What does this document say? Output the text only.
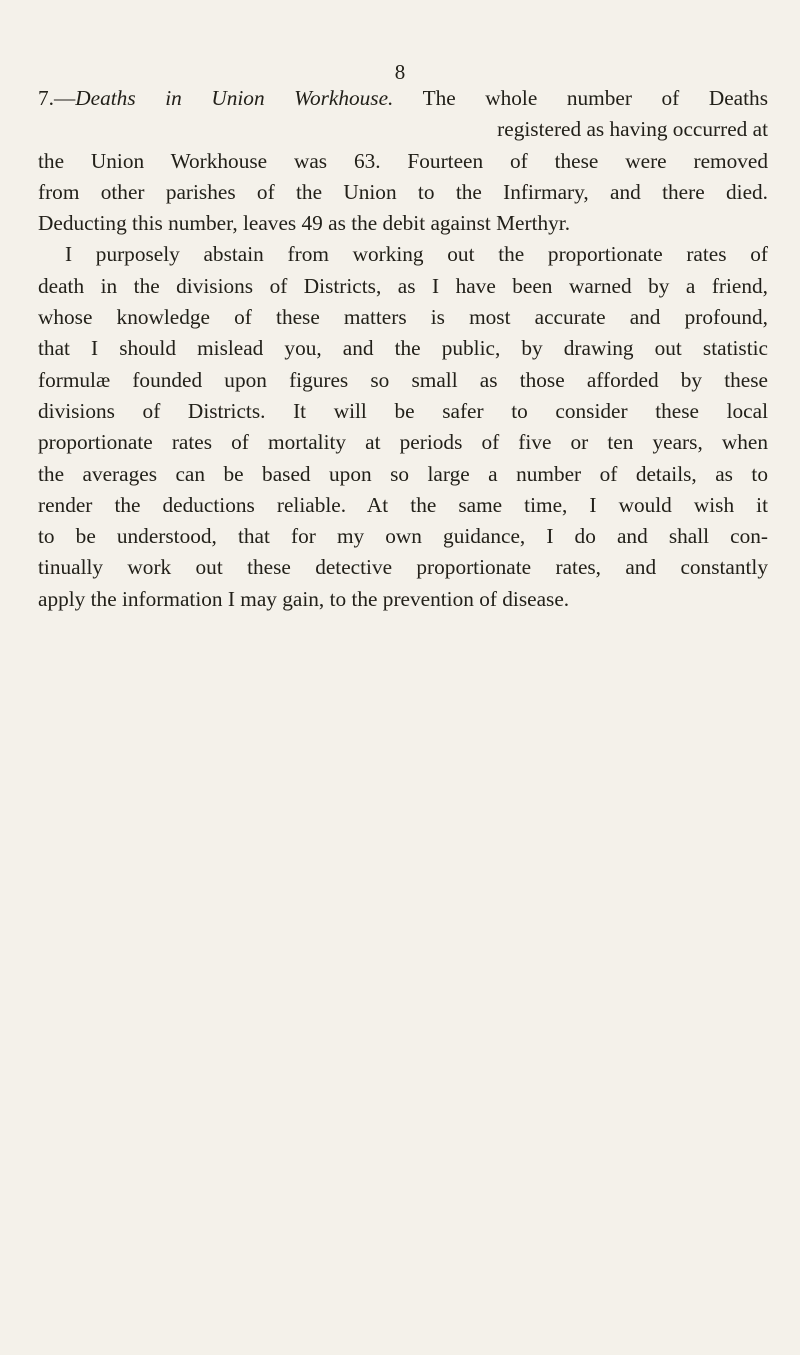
8
7.—Deaths in Union Workhouse. The whole number of Deaths
registered as having occurred at
the Union Workhouse was 63. Fourteen of these were removed
from other parishes of the Union to the Infirmary, and there died.
Deducting this number, leaves 49 as the debit against Merthyr.
I purposely abstain from working out the proportionate rates of
death in the divisions of Districts, as I have been warned by a friend,
whose knowledge of these matters is most accurate and profound,
that I should mislead you, and the public, by drawing out statistic
formulæ founded upon figures so small as those afforded by these
divisions of Districts. It will be safer to consider these local
proportionate rates of mortality at periods of five or ten years, when
the averages can be based upon so large a number of details, as to
render the deductions reliable. At the same time, I would wish it
to be understood, that for my own guidance, I do and shall con-
tinually work out these detective proportionate rates, and constantly
apply the information I may gain, to the prevention of disease.
